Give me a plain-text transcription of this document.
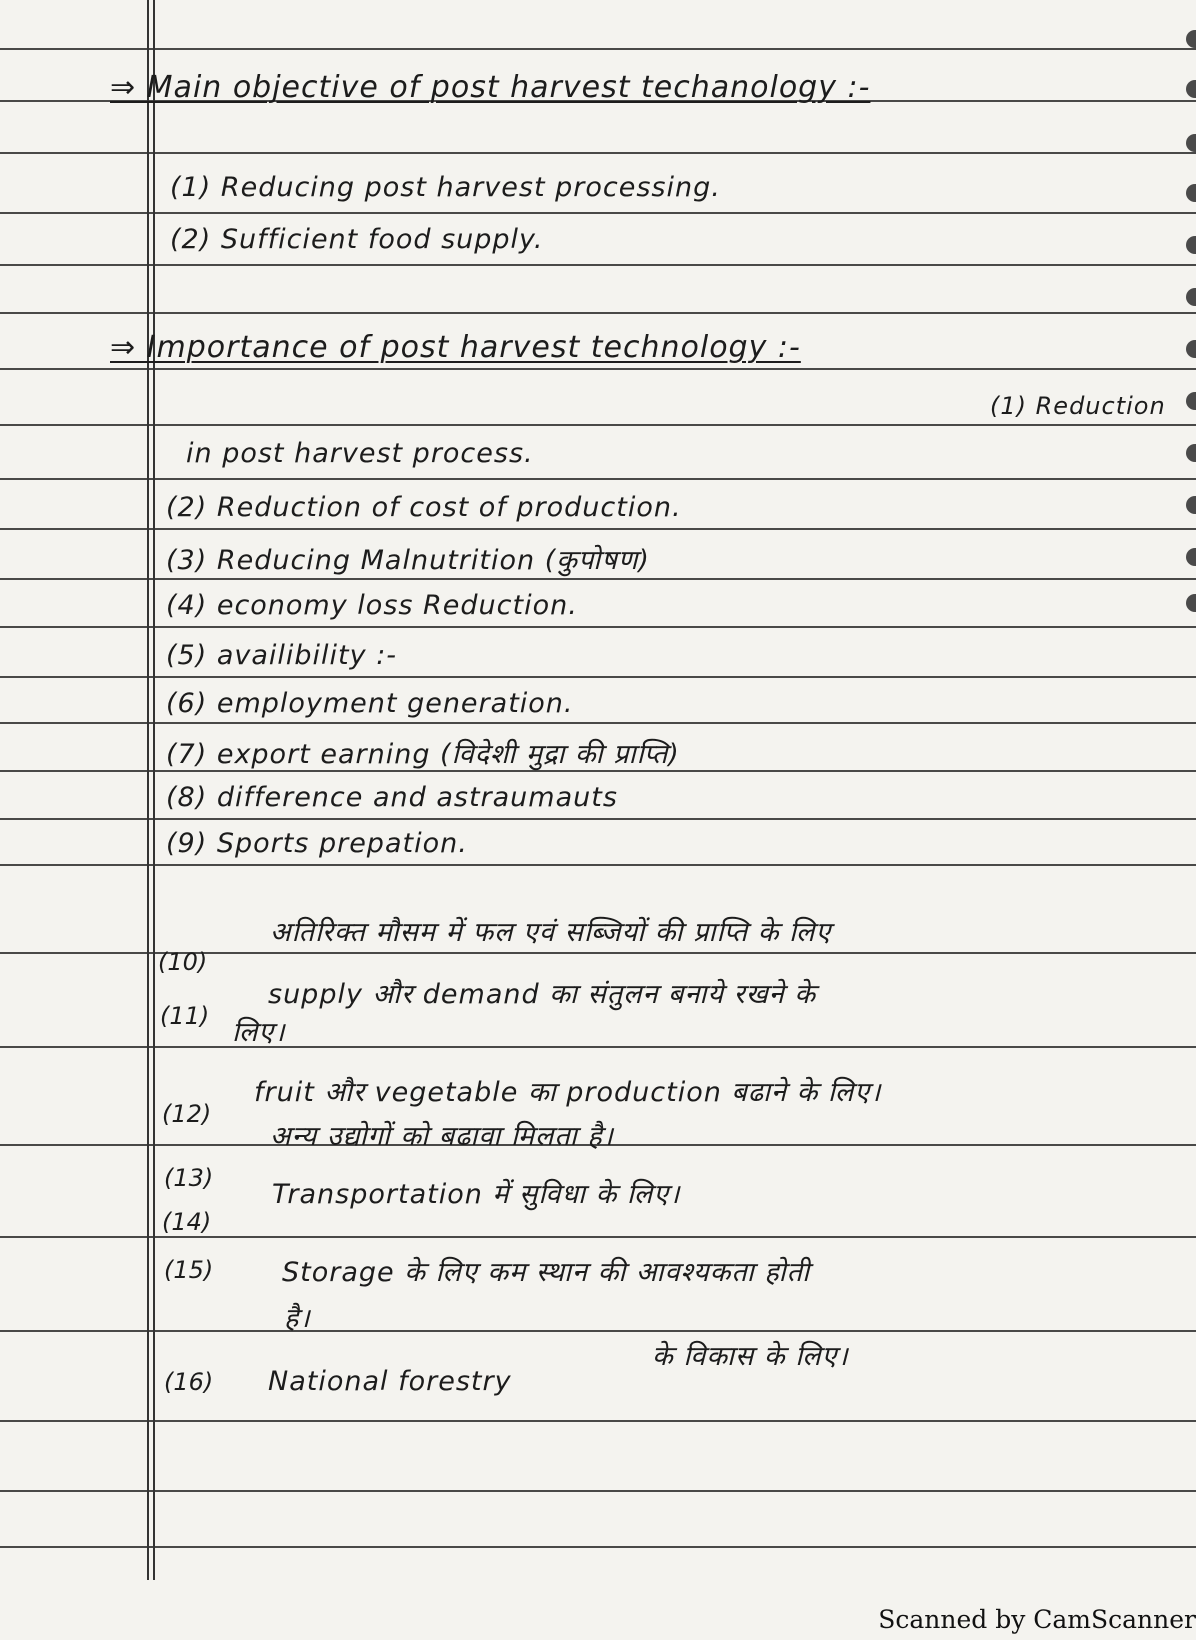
⇒ Main objective of post harvest techanology :-
(1) Reducing post harvest processing.
(2) Sufficient food supply.
⇒ Importance of post harvest technology :-
(1) Reduction
in post harvest process.
(2) Reduction of cost of production.
(3) Reducing Malnutrition (कुपोषण)
(4) economy loss Reduction.
(5) availibility :-
(6) employment generation.
(7) export earning (विदेशी मुद्रा की प्राप्ति)
(8) difference and astraumauts
(9) Sports prepation.
(10)
अतिरिक्त मौसम में फल एवं सब्जियों की प्राप्ति के लिए
(11)
supply और demand का संतुलन बनाये रखने के
लिए।
(12)
fruit और vegetable का production बढाने के लिए।
अन्य उद्योगों को बढावा मिलता है।
(13)
Transportation में सुविधा के लिए।
(14)
(15)	Storage के लिए कम स्थान की आवश्यकता होती
है।
(16) National forestry
के विकास के लिए।
Scanned by CamScanner
